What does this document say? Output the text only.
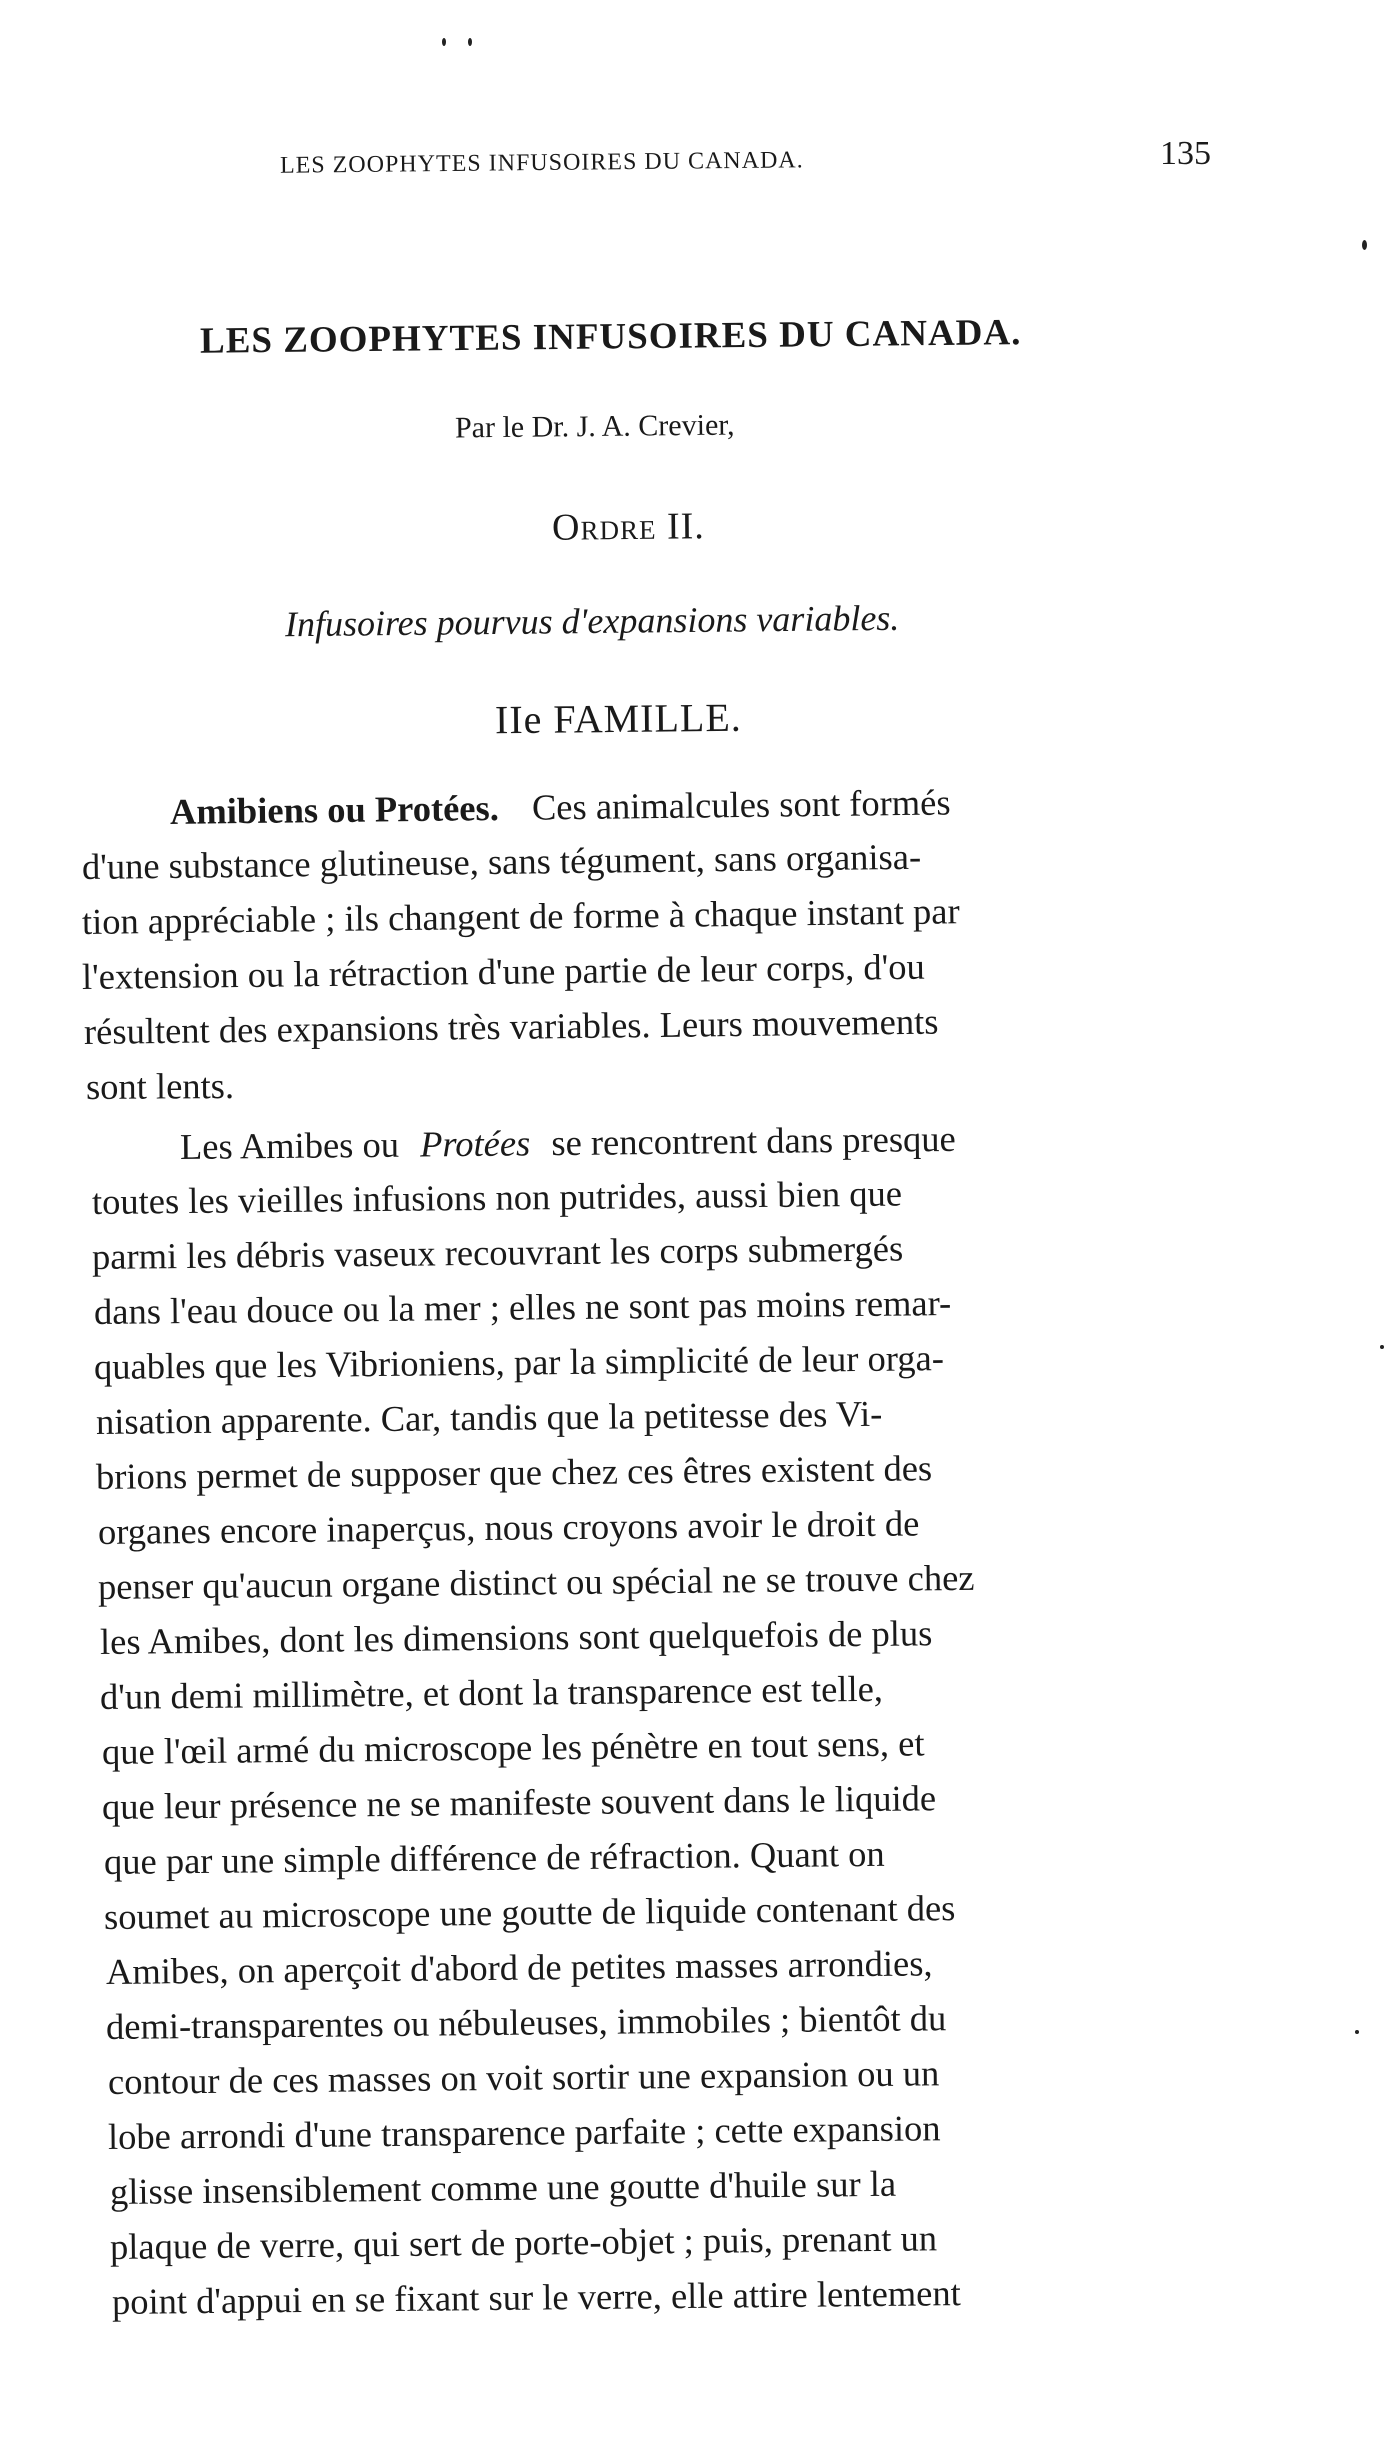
LES ZOOPHYTES INFUSOIRES DU CANADA.	135
LES ZOOPHYTES INFUSOIRES DU CANADA.
Par le Dr. J. A. Crevier,
Ordre II.
Infusoires pourvus d'expansions variables.
IIe FAMILLE.
Amibiens ou Protées. Ces animalcules sont formés
d'une substance glutineuse, sans tégument, sans organisa-
tion appréciable ; ils changent de forme à chaque instant par
l'extension ou la rétraction d'une partie de leur corps, d'ou
résultent des expansions très variables. Leurs mouvements
sont lents.
Les Amibes ou Protées se rencontrent dans presque
toutes les vieilles infusions non putrides, aussi bien que
parmi les débris vaseux recouvrant les corps submergés
dans l'eau douce ou la mer ; elles ne sont pas moins remar-
quables que les Vibrioniens, par la simplicité de leur orga-
nisation apparente. Car, tandis que la petitesse des Vi-
brions permet de supposer que chez ces êtres existent des
organes encore inaperçus, nous croyons avoir le droit de
penser qu'aucun organe distinct ou spécial ne se trouve chez
les Amibes, dont les dimensions sont quelquefois de plus
d'un demi millimètre, et dont la transparence est telle,
que l'œil armé du microscope les pénètre en tout sens, et
que leur présence ne se manifeste souvent dans le liquide
que par une simple différence de réfraction. Quant on
soumet au microscope une goutte de liquide contenant des
Amibes, on aperçoit d'abord de petites masses arrondies,
demi-transparentes ou nébuleuses, immobiles ; bientôt du
contour de ces masses on voit sortir une expansion ou un
lobe arrondi d'une transparence parfaite ; cette expansion
glisse insensiblement comme une goutte d'huile sur la
plaque de verre, qui sert de porte-objet ; puis, prenant un
point d'appui en se fixant sur le verre, elle attire lentement
